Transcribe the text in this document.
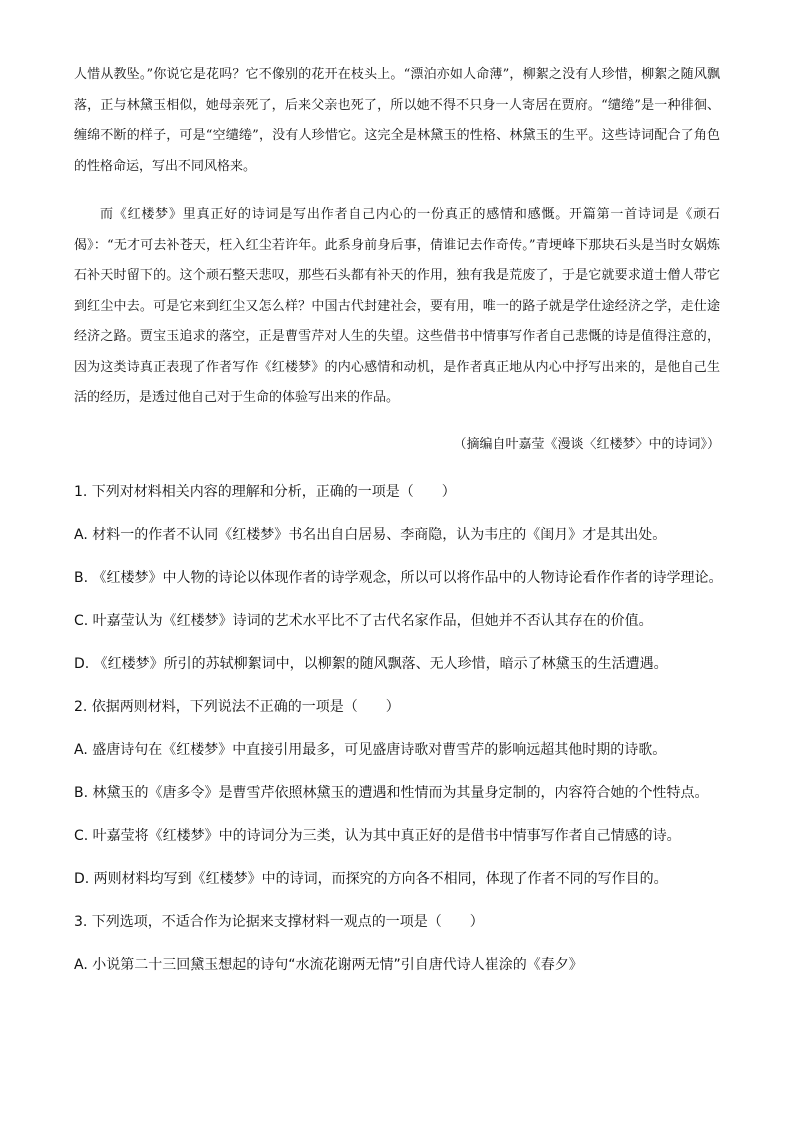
人惜从教坠。”你说它是花吗？它不像别的花开在枝头上。“漂泊亦如人命薄”，柳絮之没有人珍惜，柳絮之随风飘落，正与林黛玉相似，她母亲死了，后来父亲也死了，所以她不得不只身一人寄居在贾府。“缱绻”是一种徘徊、缠绵不断的样子，可是“空缱绻”，没有人珍惜它。这完全是林黛玉的性格、林黛玉的生平。这些诗词配合了角色的性格命运，写出不同风格来。

而《红楼梦》里真正好的诗词是写出作者自己内心的一份真正的感情和感慨。开篇第一首诗词是《顽石偈》：“无才可去补苍天，枉入红尘若许年。此系身前身后事，倩谁记去作奇传。”青埂峰下那块石头是当时女娲炼石补天时留下的。这个顽石整天悲叹，那些石头都有补天的作用，独有我是荒废了，于是它就要求道士僧人带它到红尘中去。可是它来到红尘又怎么样？中国古代封建社会，要有用，唯一的路子就是学仕途经济之学，走仕途经济之路。贾宝玉追求的落空，正是曹雪芹对人生的失望。这些借书中情事写作者自己悲慨的诗是值得注意的，因为这类诗真正表现了作者写作《红楼梦》的内心感情和动机，是作者真正地从内心中抒写出来的，是他自己生活的经历，是透过他自己对于生命的体验写出来的作品。

（摘编自叶嘉莹《漫谈〈红楼梦〉中的诗词》）

1. 下列对材料相关内容的理解和分析，正确的一项是（　　）

A. 材料一的作者不认同《红楼梦》书名出自白居易、李商隐，认为韦庄的《闺月》才是其出处。

B. 《红楼梦》中人物的诗论以体现作者的诗学观念，所以可以将作品中的人物诗论看作作者的诗学理论。

C. 叶嘉莹认为《红楼梦》诗词的艺术水平比不了古代名家作品，但她并不否认其存在的价值。

D. 《红楼梦》所引的苏轼柳絮词中，以柳絮的随风飘落、无人珍惜，暗示了林黛玉的生活遭遇。

2. 依据两则材料，下列说法不正确的一项是（　　）

A. 盛唐诗句在《红楼梦》中直接引用最多，可见盛唐诗歌对曹雪芹的影响远超其他时期的诗歌。

B. 林黛玉的《唐多令》是曹雪芹依照林黛玉的遭遇和性情而为其量身定制的，内容符合她的个性特点。

C. 叶嘉莹将《红楼梦》中的诗词分为三类，认为其中真正好的是借书中情事写作者自己情感的诗。

D. 两则材料均写到《红楼梦》中的诗词，而探究的方向各不相同，体现了作者不同的写作目的。

3. 下列选项，不适合作为论据来支撑材料一观点的一项是（　　）

A. 小说第二十三回黛玉想起的诗句“水流花谢两无情”引自唐代诗人崔涂的《春夕》
